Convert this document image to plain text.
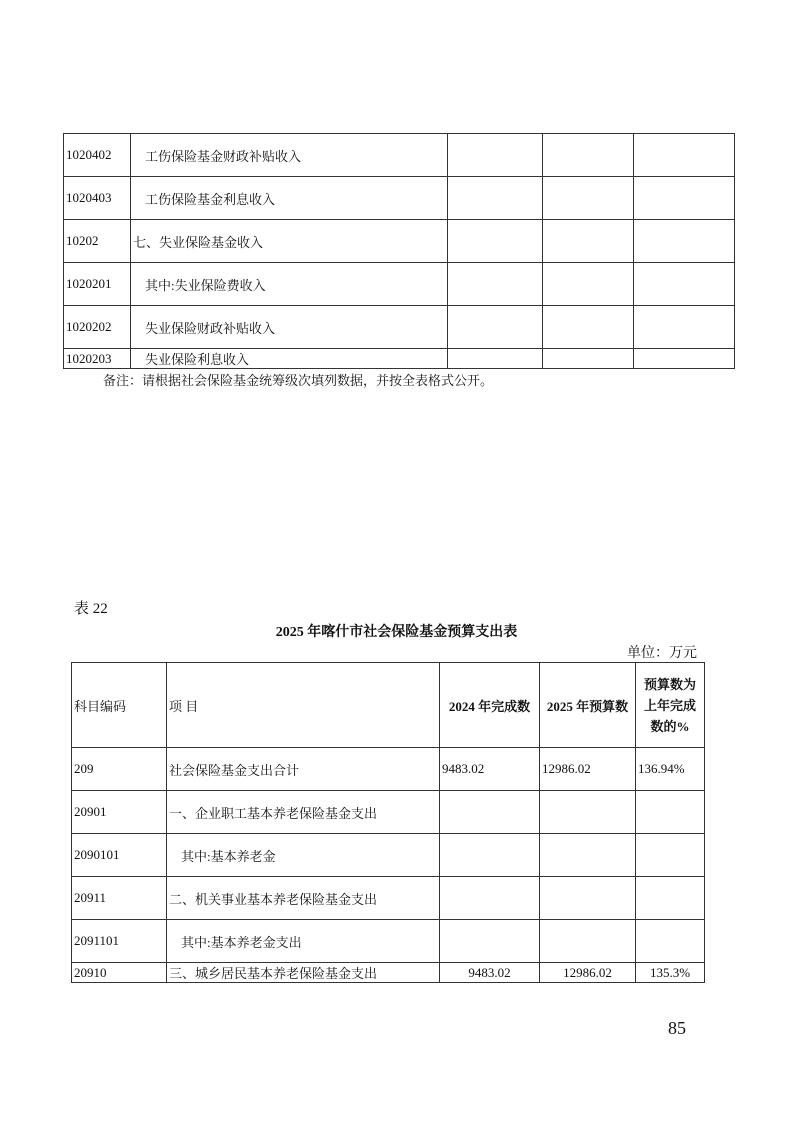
1020402	工伤保险基金财政补贴收入			
1020403	工伤保险基金利息收入			
10202	七、失业保险基金收入			
1020201	其中:失业保险费收入			
1020202	失业保险财政补贴收入			
1020203	失业保险利息收入			
备注：请根据社会保险基金统筹级次填列数据，并按全表格式公开。
表 22
2025 年喀什市社会保险基金预算支出表
单位：万元
科目编码	项 目	2024 年完成数	2025 年预算数	预算数为上年完成数的%
209	社会保险基金支出合计	9483.02	12986.02	136.94%
20901	一、企业职工基本养老保险基金支出			
2090101	其中:基本养老金			
20911	二、机关事业基本养老保险基金支出			
2091101	其中:基本养老金支出			
20910	三、城乡居民基本养老保险基金支出	9483.02	12986.02	135.3%
85
